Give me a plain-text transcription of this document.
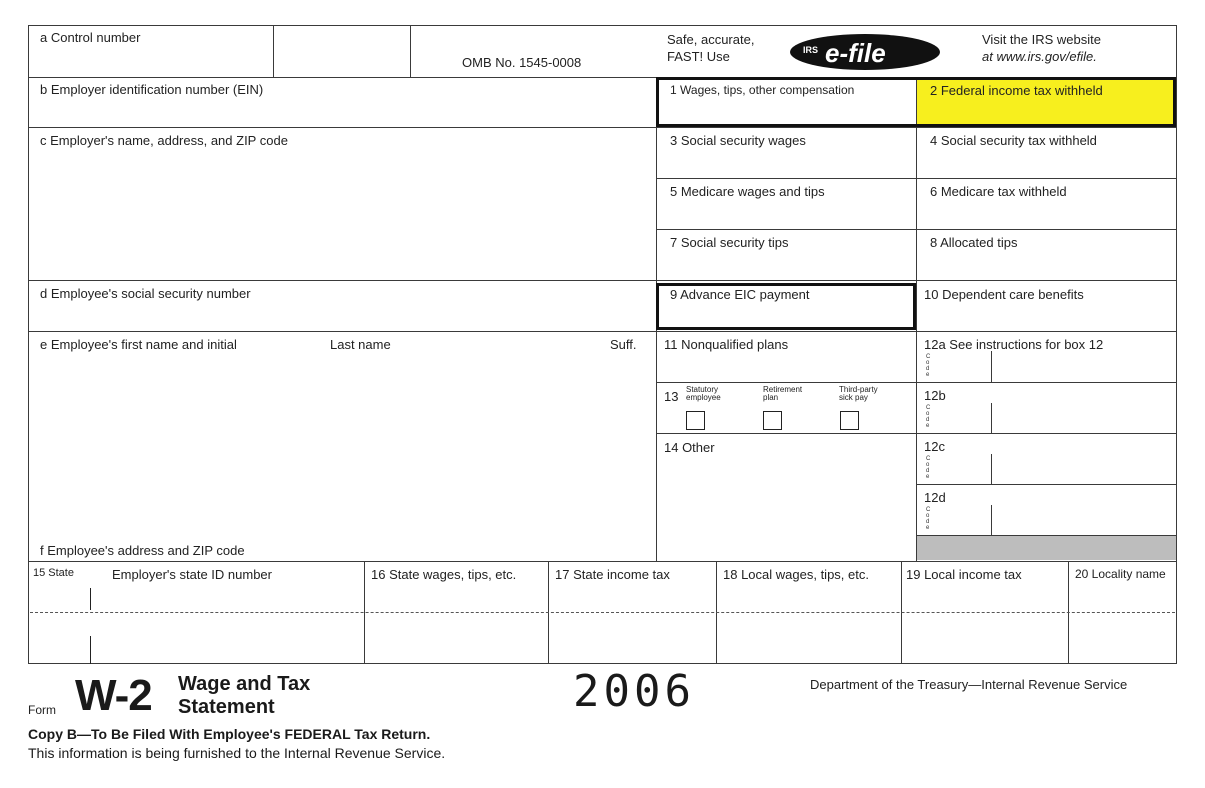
a Control number
OMB No. 1545-0008
Safe, accurate,
FAST! Use	IRS e-file	Visit the IRS website
at www.irs.gov/efile.
b Employer identification number (EIN)
c Employer's name, address, and ZIP code
d Employee's social security number
e Employee's first name and initial	Last name	Suff.
f Employee's address and ZIP code
1 Wages, tips, other compensation	2 Federal income tax withheld
3 Social security wages	4 Social security tax withheld
5 Medicare wages and tips	6 Medicare tax withheld
7 Social security tips	8 Allocated tips
9 Advance EIC payment	10 Dependent care benefits
11 Nonqualified plans	12a See instructions for box 12
12b
12c
12d
C
o
d
e
C
o
d
e
C
o
d
e
C
o
d
e
13 Statutory employee
Retirement plan
Third-party sick pay
14 Other
15 State	Employer's state ID number	16 State wages, tips, etc.	17 State income tax	18 Local wages, tips, etc.	19 Local income tax	20 Locality name
Form W-2 Wage and Tax
Statement	2006	Department of the Treasury—Internal Revenue Service
Copy B—To Be Filed With Employee's FEDERAL Tax Return.
This information is being furnished to the Internal Revenue Service.
